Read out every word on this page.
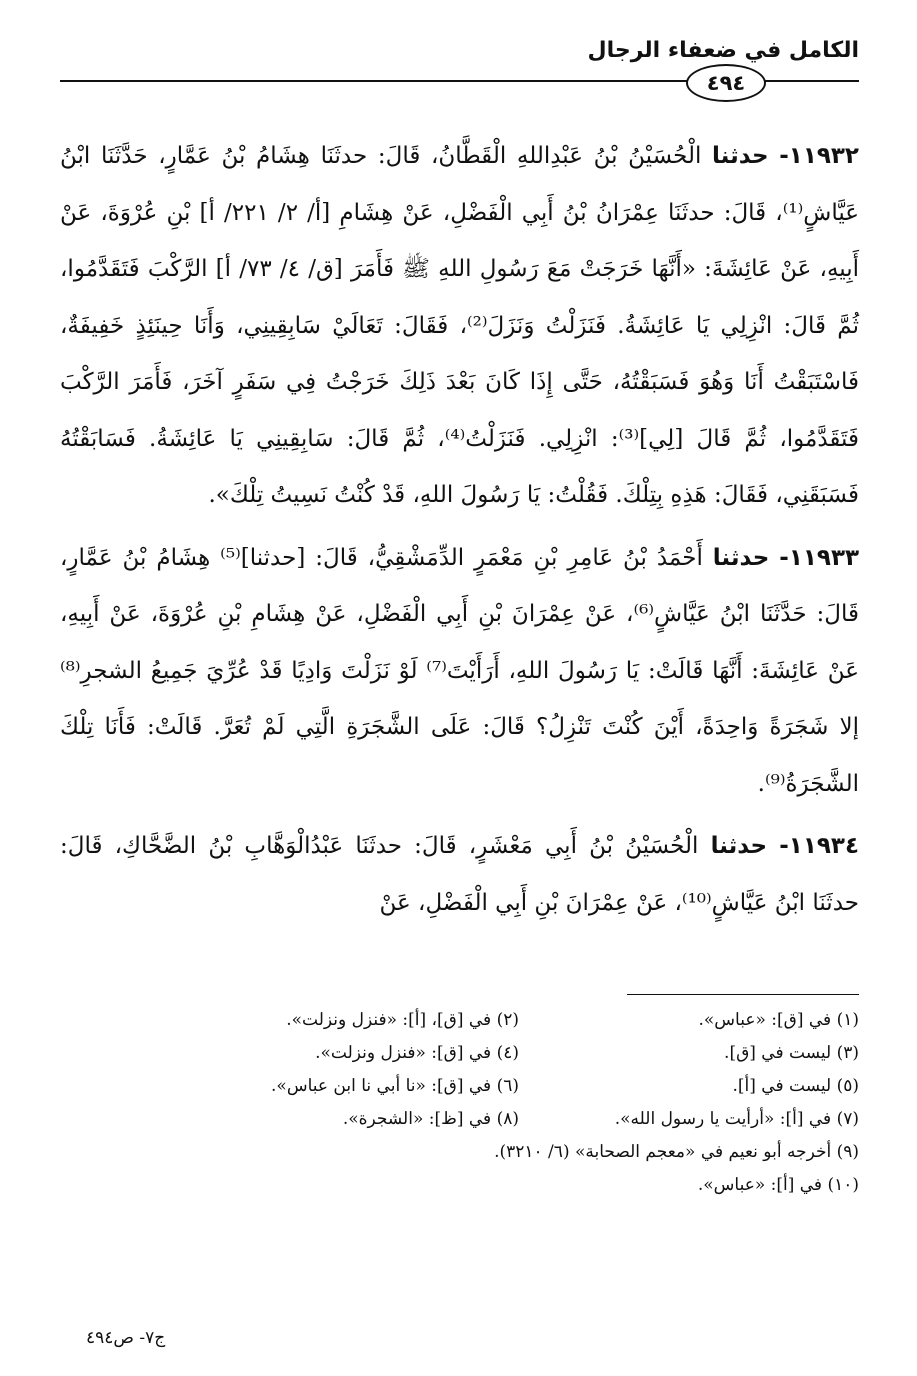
الكامل في ضعفاء الرجال
٤٩٤

١١٩٣٢- حدثنا الْحُسَيْنُ بْنُ عَبْدِاللهِ الْقَطَّانُ، قَالَ: حدثَنَا هِشَامُ بْنُ عَمَّارٍ، حَدَّثَنَا ابْنُ عَيَّاشٍ⁽¹⁾، قَالَ: حدثَنَا عِمْرَانُ بْنُ أَبِي الْفَضْلِ، عَنْ هِشَامِ [أ/ ٢/ ٢٢١/ أ] بْنِ عُرْوَةَ، عَنْ أَبِيهِ، عَنْ عَائِشَةَ: «أَنَّهَا خَرَجَتْ مَعَ رَسُولِ اللهِ ﷺ فَأَمَرَ [ق/ ٤/ ٧٣/ أ] الرَّكْبَ فَتَقَدَّمُوا، ثُمَّ قَالَ: انْزِلِي يَا عَائِشَةُ. فَنَزَلْتُ وَنَزَلَ⁽²⁾، فَقَالَ: تَعَالَيْ سَابِقِينِي، وَأَنَا حِينَئِذٍ خَفِيفَةٌ، فَاسْتَبَقْتُ أَنَا وَهُوَ فَسَبَقْتُهُ، حَتَّى إِذَا كَانَ بَعْدَ ذَلِكَ خَرَجْتُ فِي سَفَرٍ آخَرَ، فَأَمَرَ الرَّكْبَ فَتَقَدَّمُوا، ثُمَّ قَالَ [لِي]⁽³⁾: انْزِلِي. فَنَزَلْتُ⁽⁴⁾، ثُمَّ قَالَ: سَابِقِينِي يَا عَائِشَةُ. فَسَابَقْتُهُ فَسَبَقَنِي، فَقَالَ: هَذِهِ بِتِلْكَ. فَقُلْتُ: يَا رَسُولَ اللهِ، قَدْ كُنْتُ نَسِيتُ تِلْكَ».

١١٩٣٣- حدثنا أَحْمَدُ بْنُ عَامِرِ بْنِ مَعْمَرٍ الدِّمَشْقِيُّ، قَالَ: [حدثنا]⁽⁵⁾ هِشَامُ بْنُ عَمَّارٍ، قَالَ: حَدَّثَنَا ابْنُ عَيَّاشٍ⁽⁶⁾، عَنْ عِمْرَانَ بْنِ أَبِي الْفَضْلِ، عَنْ هِشَامِ بْنِ عُرْوَةَ، عَنْ أَبِيهِ، عَنْ عَائِشَةَ: أَنَّهَا قَالَتْ: يَا رَسُولَ اللهِ، أَرَأَيْتَ⁽⁷⁾ لَوْ نَزَلْتَ وَادِيًا قَدْ عُرِّيَ جَمِيعُ الشجرِ⁽⁸⁾ إلا شَجَرَةً وَاحِدَةً، أَيْنَ كُنْتَ تَنْزِلُ؟ قَالَ: عَلَى الشَّجَرَةِ الَّتِي لَمْ تُعَرَّ. قَالَتْ: فَأَنَا تِلْكَ الشَّجَرَةُ⁽⁹⁾.

١١٩٣٤- حدثنا الْحُسَيْنُ بْنُ أَبِي مَعْشَرٍ، قَالَ: حدثَنَا عَبْدُالْوَهَّابِ بْنُ الضَّحَّاكِ، قَالَ: حدثَنَا ابْنُ عَيَّاشٍ⁽¹⁰⁾، عَنْ عِمْرَانَ بْنِ أَبِي الْفَضْلِ، عَنْ

(١) في [ق]: «عباس».
(٢) في [ق]، [أ]: «فنزل ونزلت».
(٣) ليست في [ق].
(٤) في [ق]: «فنزل ونزلت».
(٥) ليست في [أ].
(٦) في [ق]: «نا أبي نا ابن عباس».
(٧) في [أ]: «أرأيت يا رسول الله».
(٨) في [ظ]: «الشجرة».
(٩) أخرجه أبو نعيم في «معجم الصحابة» (٦/ ٣٢١٠).
(١٠) في [أ]: «عباس».
ج٧- ص٤٩٤
